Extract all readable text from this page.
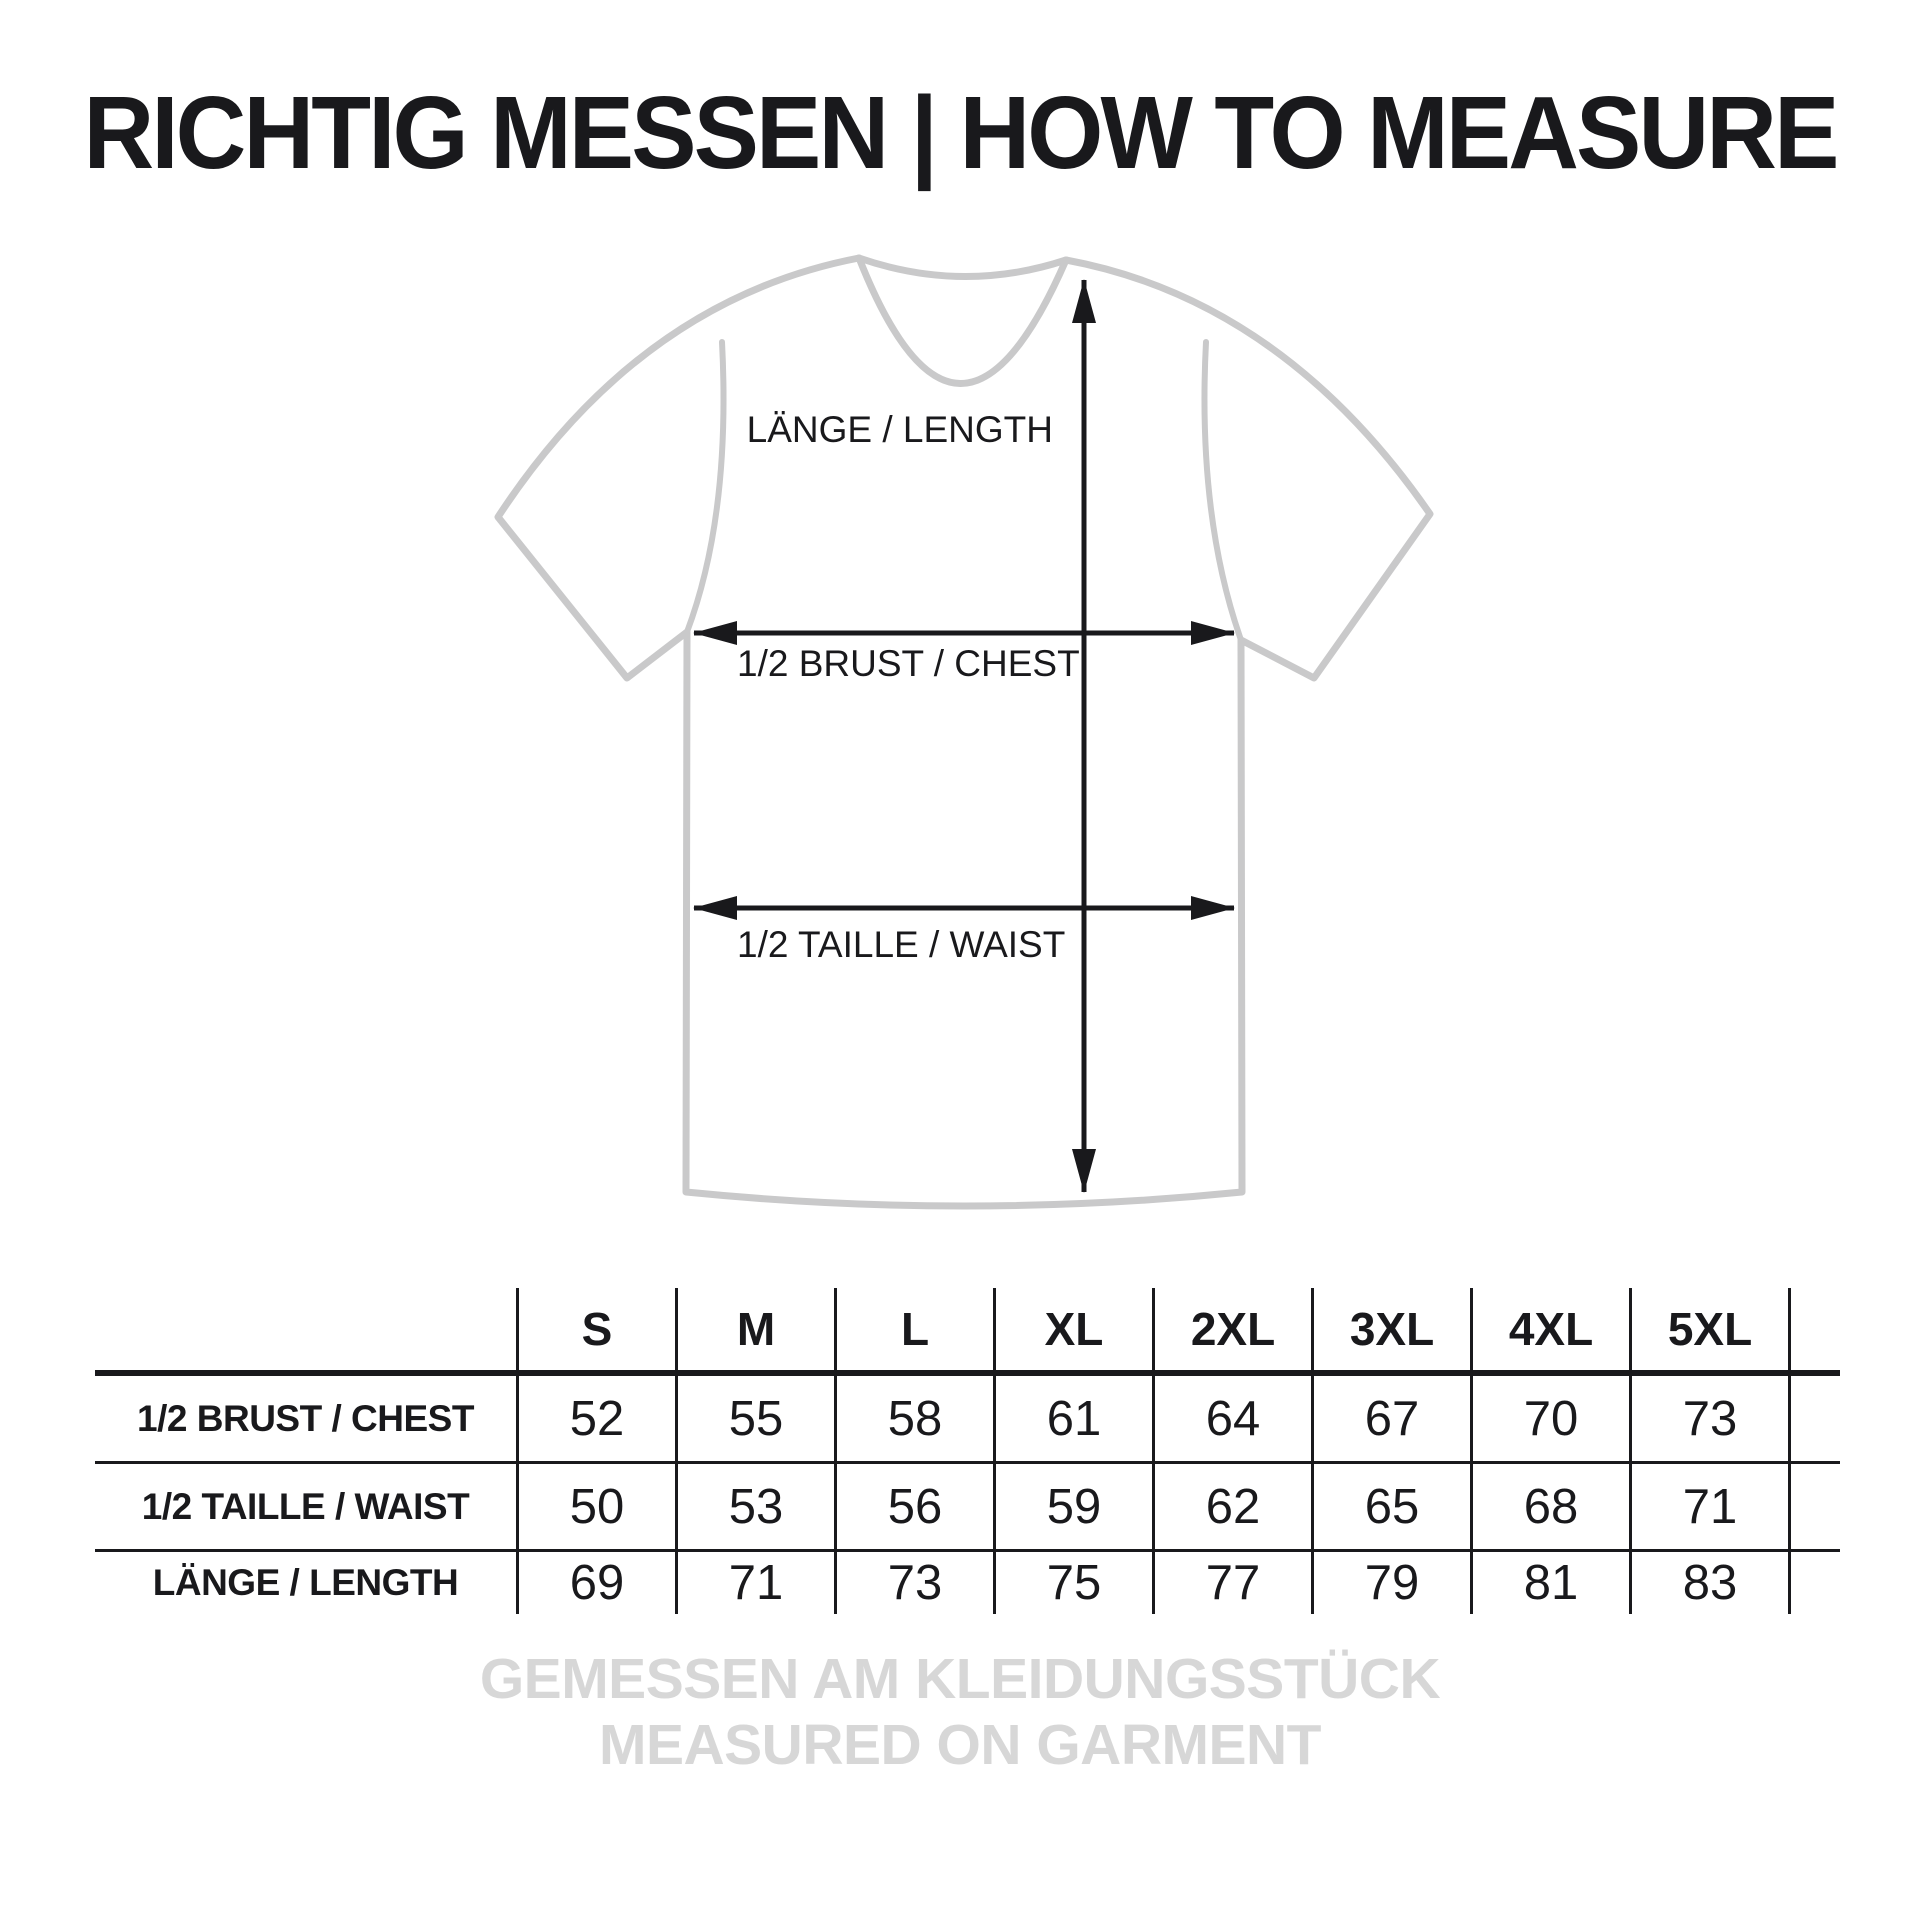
RICHTIG MESSEN | HOW TO MEASURE
LÄNGE / LENGTH
1/2 BRUST / CHEST
1/2 TAILLE / WAIST
S	M	L	XL	2XL	3XL	4XL	5XL
1/2 BRUST / CHEST	52	55	58	61	64	67	70	73
1/2 TAILLE / WAIST	50	53	56	59	62	65	68	71
LÄNGE / LENGTH	69	71	73	75	77	79	81	83
GEMESSEN AM KLEIDUNGSSTÜCK
MEASURED ON GARMENT
